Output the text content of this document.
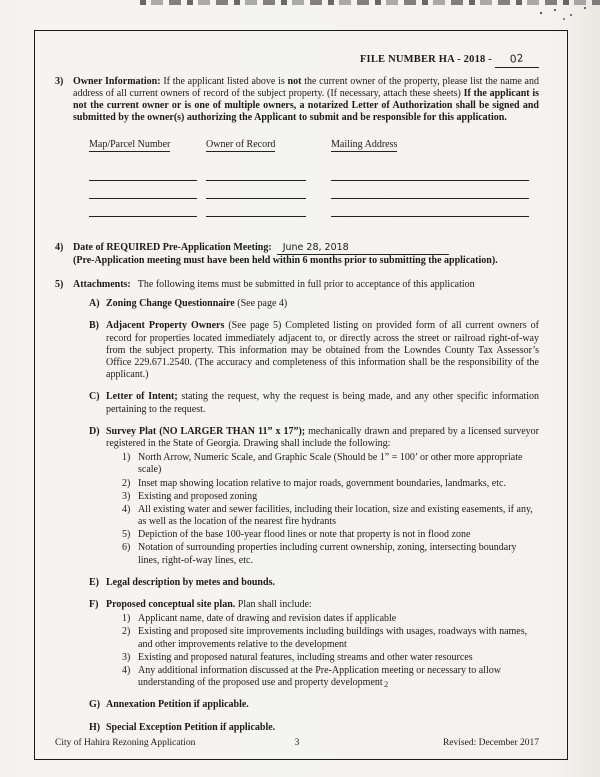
FILE NUMBER HA - 2018 - 02
3) Owner Information: If the applicant listed above is not the current owner of the property, please list the name and address of all current owners of record of the subject property. (If necessary, attach these sheets) If the applicant is not the current owner or is one of multiple owners, a notarized Letter of Authorization shall be signed and submitted by the owner(s) authorizing the Applicant to submit and be responsible for this application.

Map/Parcel Number	Owner of Record	Mailing Address
4) Date of REQUIRED Pre-Application Meeting: June 28, 2018
(Pre-Application meeting must have been held within 6 months prior to submitting the application).
5) Attachments: The following items must be submitted in full prior to acceptance of this application
A) Zoning Change Questionnaire (See page 4)
B) Adjacent Property Owners (See page 5) Completed listing on provided form of all current owners of record for properties located immediately adjacent to, or directly across the street or railroad right-of-way from the subject property. This information may be obtained from the Lowndes County Tax Assessor’s Office 229.671.2540. (The accuracy and completeness of this information shall be the responsibility of the applicant.)
C) Letter of Intent; stating the request, why the request is being made, and any other specific information pertaining to the request.
D) Survey Plat (NO LARGER THAN 11” x 17”); mechanically drawn and prepared by a licensed surveyor registered in the State of Georgia. Drawing shall include the following:

1) North Arrow, Numeric Scale, and Graphic Scale (Should be 1” = 100’ or other more appropriate scale)
2) Inset map showing location relative to major roads, government boundaries, landmarks, etc.
3) Existing and proposed zoning
4) All existing water and sewer facilities, including their location, size and existing easements, if any, as well as the location of the nearest fire hydrants
5) Depiction of the base 100-year flood lines or note that property is not in flood zone
6) Notation of surrounding properties including current ownership, zoning, intersecting boundary lines, right-of-way lines, etc.
E) Legal description by metes and bounds.
F) Proposed conceptual site plan. Plan shall include:

1) Applicant name, date of drawing and revision dates if applicable
2) Existing and proposed site improvements including buildings with usages, roadways with names, and other improvements relative to the development
3) Existing and proposed natural features, including streams and other water resources
4) Any additional information discussed at the Pre-Application meeting or necessary to allow understanding of the proposed use and property development
G) Annexation Petition if applicable.
H) Special Exception Petition if applicable.
2
City of Hahira Rezoning Application	3	Revised: December 2017
